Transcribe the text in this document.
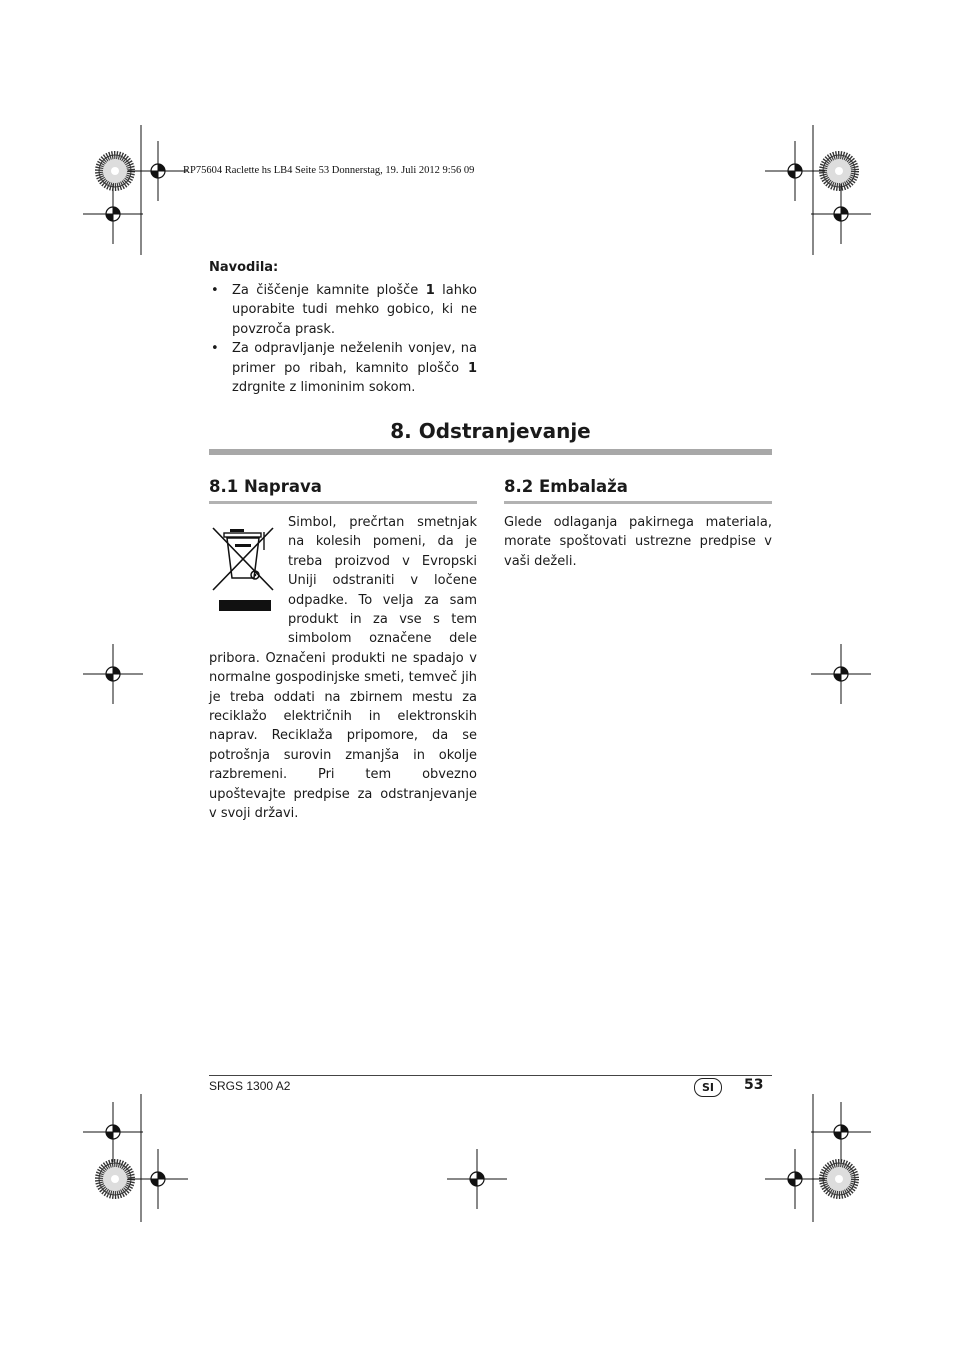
RP75604 Raclette hs LB4 Seite 53 Donnerstag, 19. Juli 2012 9:56 09
Navodila:
• Za čiščenje kamnite plošče 1 lahko uporabite tudi mehko gobico, ki ne povzroča prask.
• Za odpravljanje neželenih vonjev, na primer po ribah, kamnito ploščo 1 zdrgnite z limoninim sokom.
8. Odstranjevanje
8.1 Naprava
Simbol, prečrtan smetnjak na kolesih pomeni, da je treba proizvod v Evropski Uniji odstraniti v ločene odpadke. To velja za sam produkt in za vse s tem simbolom označene dele pribora. Označeni produkti ne spadajo v normalne gospodinjske smeti, temveč jih je treba oddati na zbirnem mestu za reciklažo električnih in elektronskih naprav. Reciklaža pripomore, da se potrošnja surovin zmanjša in okolje razbremeni. Pri tem obvezno upoštevajte predpise za odstranjevanje v svoji državi.
8.2 Embalaža
Glede odlaganja pakirnega materiala, morate spoštovati ustrezne predpise v vaši deželi.
SRGS 1300 A2	SI	53
